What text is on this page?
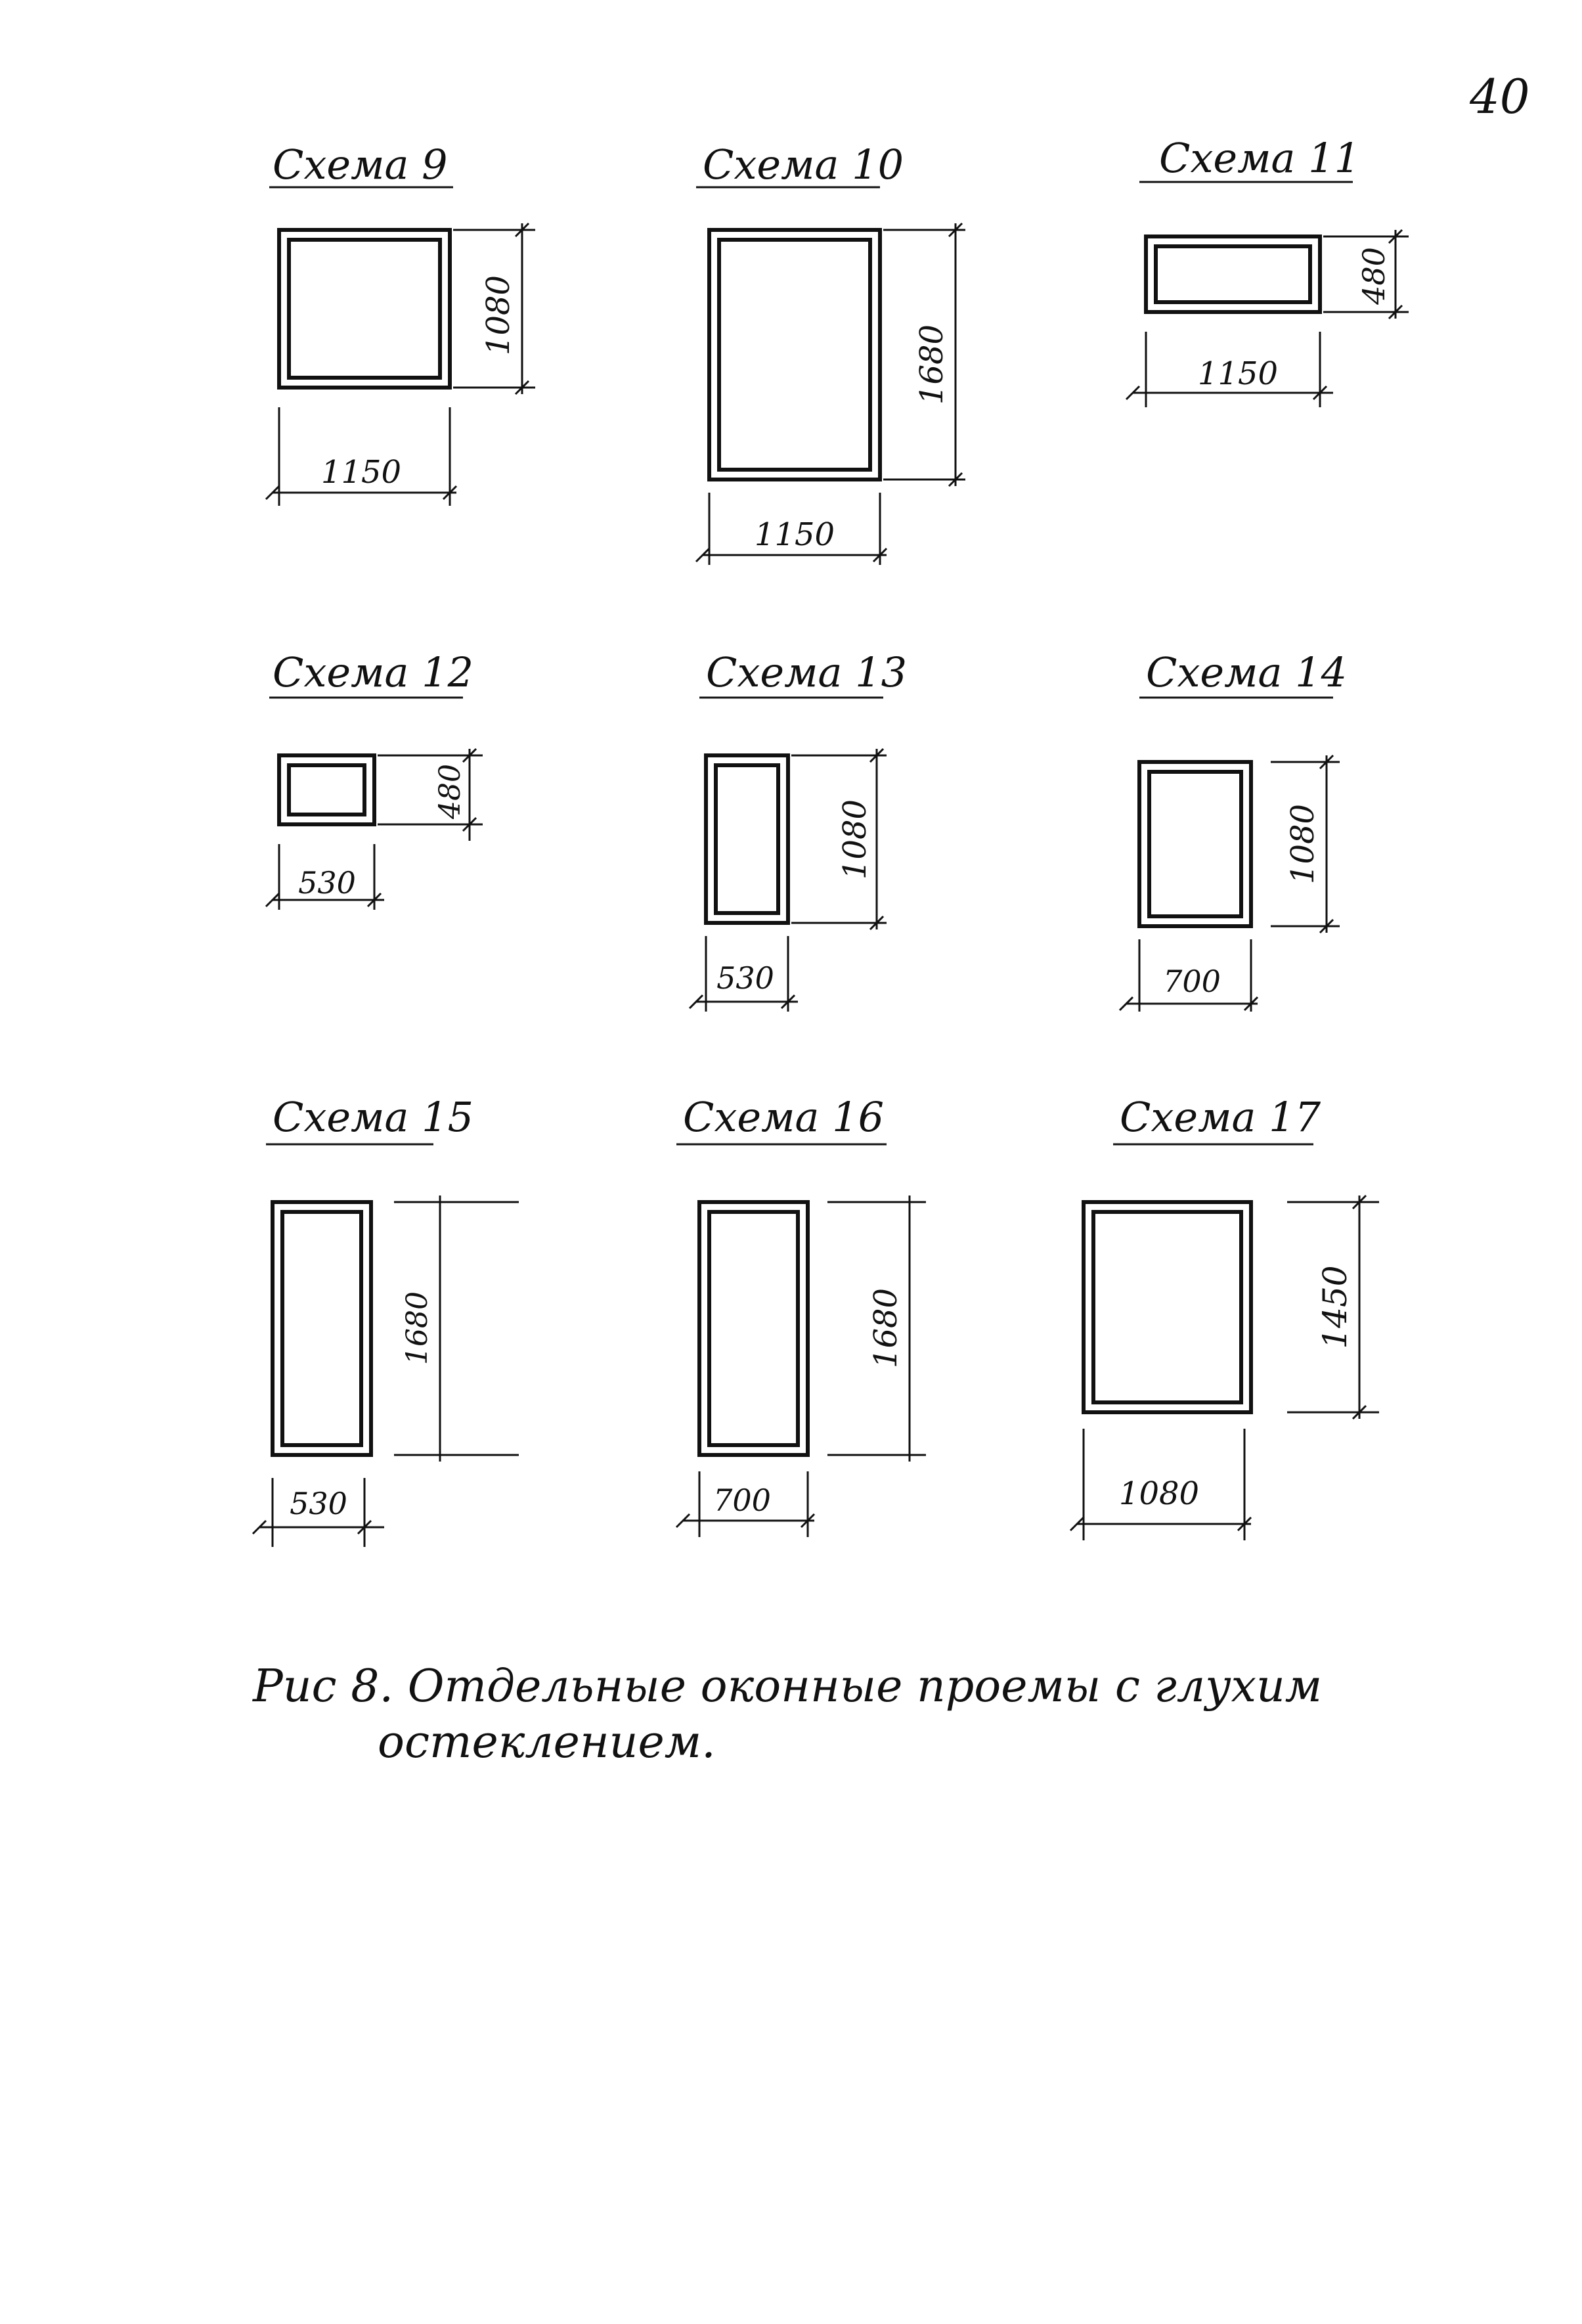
40
Схема 9
1080
1150
Схема 10
1680
1150
Схема 11
480
1150
Схема 12
480
530
Схема 13
1080
530
Схема 14
1080
700
Схема 15
1680
530
Схема 16
1680
700
Схема 17
1450
1080
Рис 8. Отдельные оконные проемы с глухим
остеклением.
